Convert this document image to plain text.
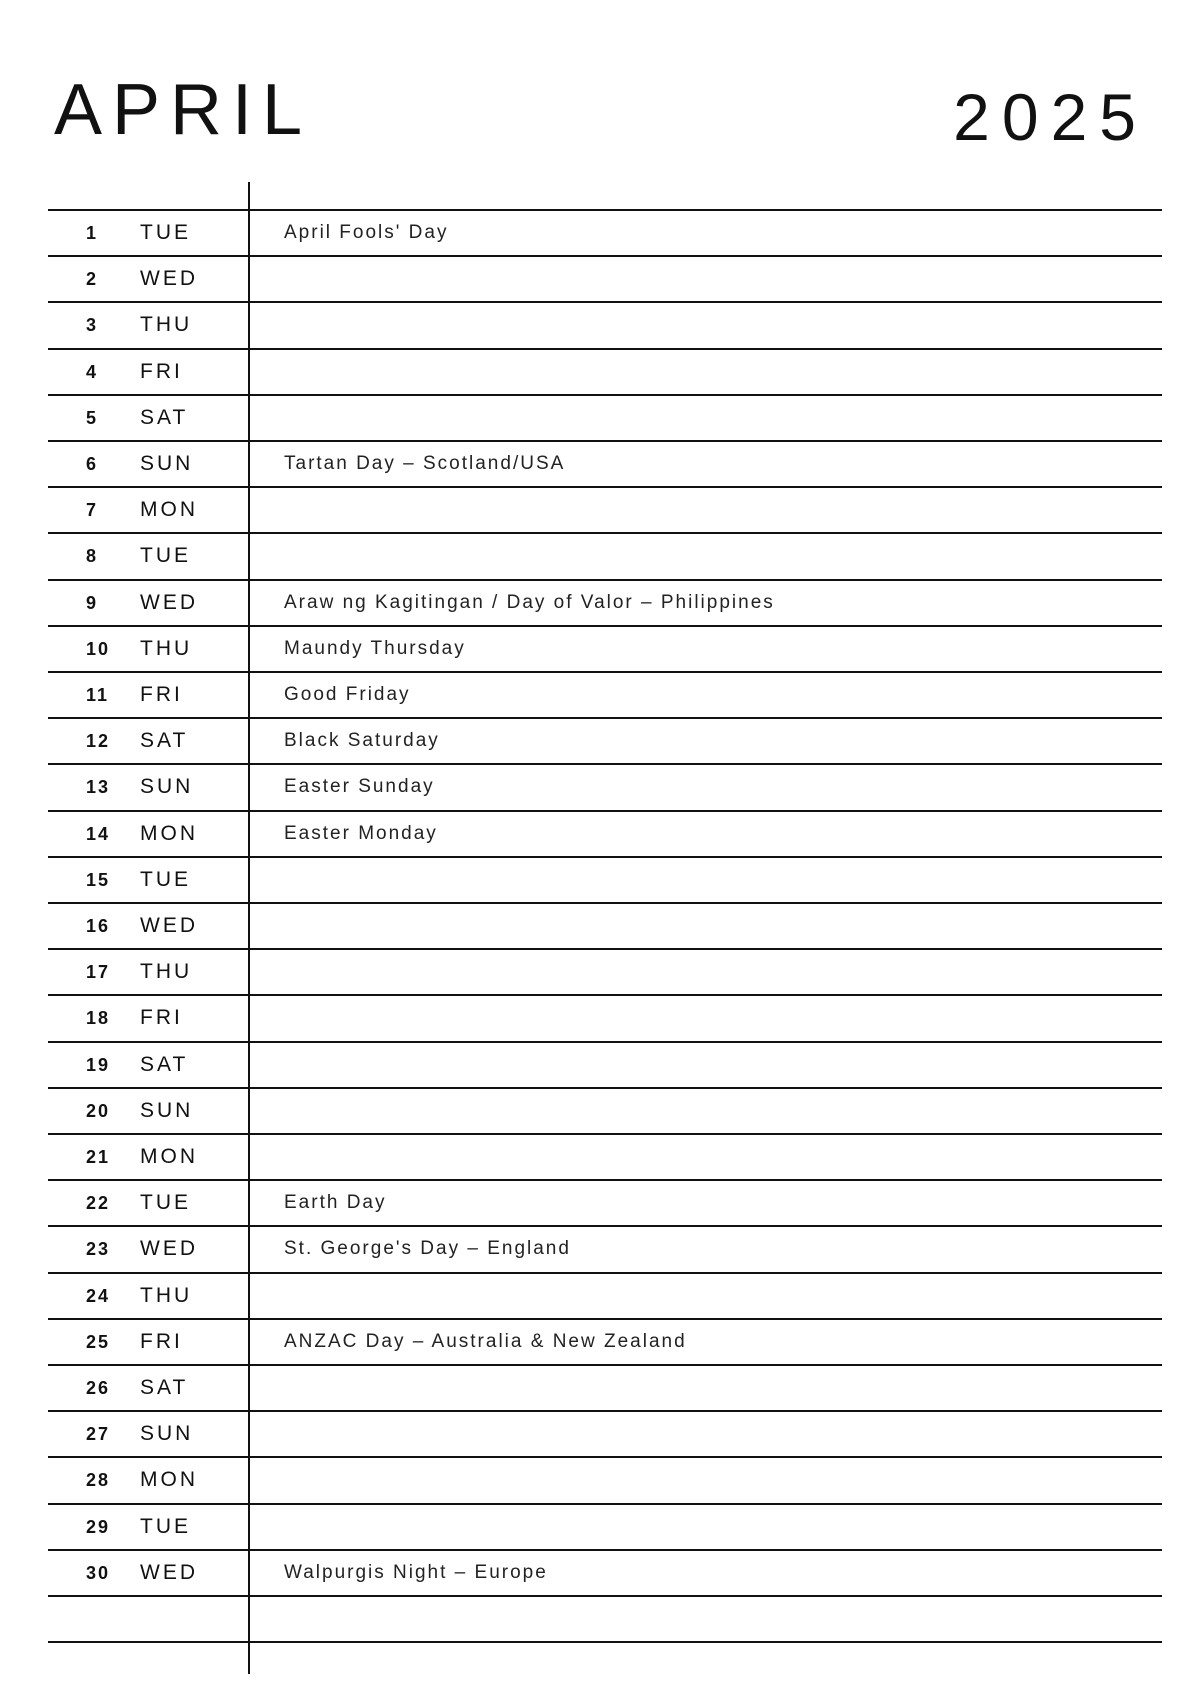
APRIL	2025
1 TUE	April Fools' Day
2 WED
3 THU
4 FRI
5 SAT
6 SUN	Tartan Day – Scotland/USA
7 MON
8 TUE
9 WED	Araw ng Kagitingan / Day of Valor – Philippines
10 THU	Maundy Thursday
11 FRI	Good Friday
12 SAT	Black Saturday
13 SUN	Easter Sunday
14 MON	Easter Monday
15 TUE
16 WED
17 THU
18 FRI
19 SAT
20 SUN
21 MON
22 TUE	Earth Day
23 WED	St. George's Day – England
24 THU
25 FRI	ANZAC Day – Australia & New Zealand
26 SAT
27 SUN
28 MON
29 TUE
30 WED	Walpurgis Night – Europe
